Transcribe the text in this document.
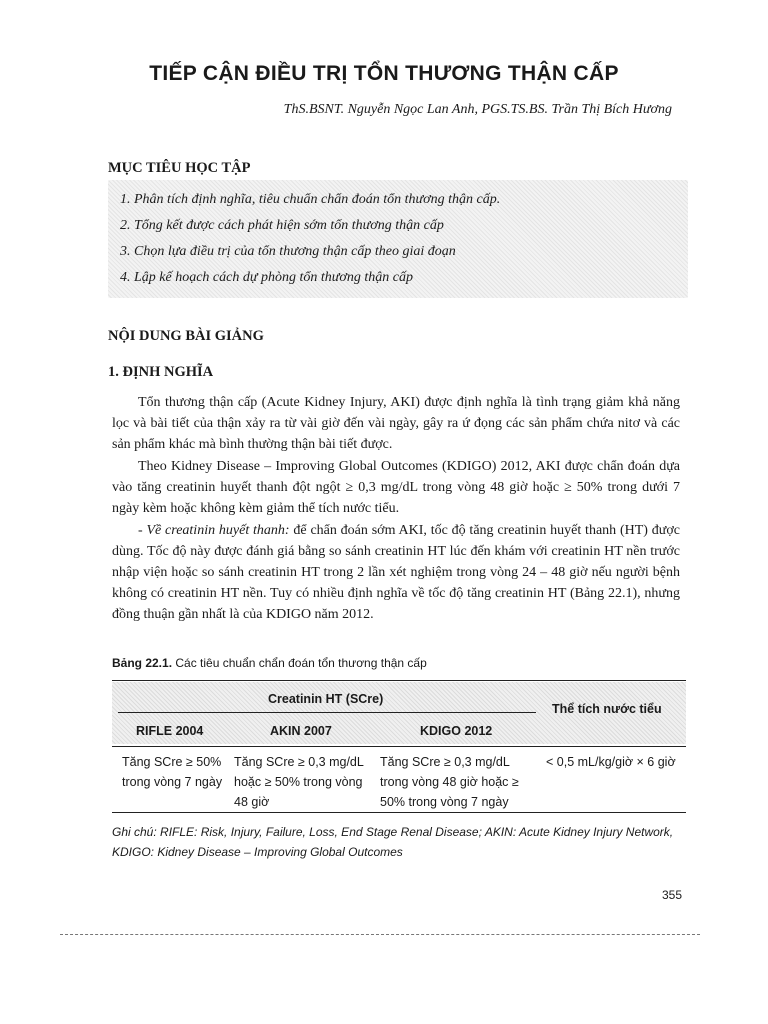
TIẾP CẬN ĐIỀU TRỊ TỔN THƯƠNG THẬN CẤP
ThS.BSNT. Nguyễn Ngọc Lan Anh, PGS.TS.BS. Trần Thị Bích Hương
MỤC TIÊU HỌC TẬP
1. Phân tích định nghĩa, tiêu chuẩn chẩn đoán tổn thương thận cấp.
2. Tổng kết được cách phát hiện sớm tổn thương thận cấp
3. Chọn lựa điều trị của tổn thương thận cấp theo giai đoạn
4. Lập kế hoạch cách dự phòng tổn thương thận cấp
NỘI DUNG BÀI GIẢNG
1. ĐỊNH NGHĨA

Tổn thương thận cấp (Acute Kidney Injury, AKI) được định nghĩa là tình trạng giảm khả năng lọc và bài tiết của thận xảy ra từ vài giờ đến vài ngày, gây ra ứ đọng các sản phẩm chứa nitơ và các sản phẩm khác mà bình thường thận bài tiết được.

Theo Kidney Disease – Improving Global Outcomes (KDIGO) 2012, AKI được chẩn đoán dựa vào tăng creatinin huyết thanh đột ngột ≥ 0,3 mg/dL trong vòng 48 giờ hoặc ≥ 50% trong dưới 7 ngày kèm hoặc không kèm giảm thể tích nước tiểu.

- Về creatinin huyết thanh: để chẩn đoán sớm AKI, tốc độ tăng creatinin huyết thanh (HT) được dùng. Tốc độ này được đánh giá bằng so sánh creatinin HT lúc đến khám với creatinin HT nền trước nhập viện hoặc so sánh creatinin HT trong 2 lần xét nghiệm trong vòng 24 – 48 giờ nếu người bệnh không có creatinin HT nền. Tuy có nhiều định nghĩa về tốc độ tăng creatinin HT (Bảng 22.1), nhưng đồng thuận gần nhất là của KDIGO năm 2012.

Bảng 22.1. Các tiêu chuẩn chẩn đoán tổn thương thận cấp
Creatinin HT (SCre)
Thể tích nước tiểu
RIFLE 2004	AKIN 2007	KDIGO 2012
Tăng SCre ≥ 50% trong vòng 7 ngày
Tăng SCre ≥ 0,3 mg/dL hoặc ≥ 50% trong vòng 48 giờ
Tăng SCre ≥ 0,3 mg/dL trong vòng 48 giờ hoặc ≥ 50% trong vòng 7 ngày
< 0,5 mL/kg/giờ × 6 giờ
Ghi chú: RIFLE: Risk, Injury, Failure, Loss, End Stage Renal Disease; AKIN: Acute Kidney Injury Network, KDIGO: Kidney Disease – Improving Global Outcomes
355
